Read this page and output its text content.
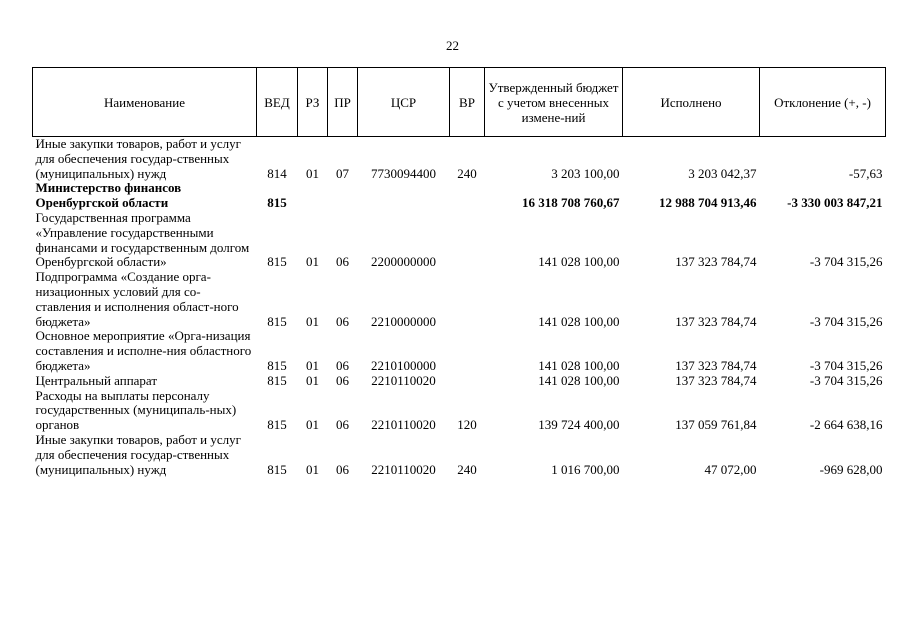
22
Наименование	ВЕД	РЗ	ПР	ЦСР	ВР	Утвержденный бюджет с учетом внесенных измене-ний	Исполнено	Отклонение (+, -)
Иные закупки товаров, работ и услуг для обеспечения государ-ственных (муниципальных) нужд	814	01	07	7730094400	240	3 203 100,00	3 203 042,37	-57,63
Министерство финансов Оренбургской области	815					16 318 708 760,67	12 988 704 913,46	-3 330 003 847,21
Государственная программа «Управление государственными финансами и государственным долгом Оренбургской области»	815	01	06	2200000000		141 028 100,00	137 323 784,74	-3 704 315,26
Подпрограмма «Создание орга-низационных условий для со-ставления и исполнения област-ного бюджета»	815	01	06	2210000000		141 028 100,00	137 323 784,74	-3 704 315,26
Основное мероприятие «Орга-низация составления и исполне-ния областного бюджета»	815	01	06	2210100000		141 028 100,00	137 323 784,74	-3 704 315,26
Центральный аппарат	815	01	06	2210110020		141 028 100,00	137 323 784,74	-3 704 315,26
Расходы на выплаты персоналу государственных (муниципаль-ных) органов	815	01	06	2210110020	120	139 724 400,00	137 059 761,84	-2 664 638,16
Иные закупки товаров, работ и услуг для обеспечения государ-ственных (муниципальных) нужд	815	01	06	2210110020	240	1 016 700,00	47 072,00	-969 628,00
